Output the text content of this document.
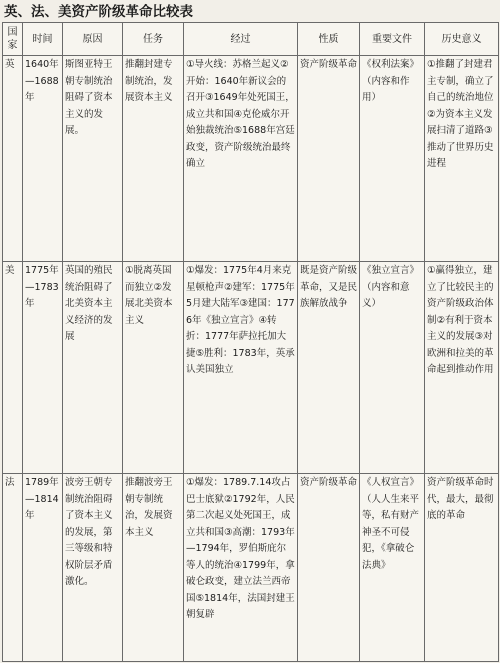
英、法、美资产阶级革命比较表
国家	时间	原因	任务	经过	性质	重要文件	历史意义
英	1640年—1688年	斯图亚特王朝专制统治阻碍了资本主义的发展。	推翻封建专制统治，发展资本主义	①导火线：苏格兰起义②开始：1640年新议会的召开③1649年处死国王，成立共和国④克伦威尔开始独裁统治⑤1688年宫廷政变，资产阶级统治最终确立	资产阶级革命	《权利法案》（内容和作用）	①推翻了封建君主专制，确立了自己的统治地位②为资本主义发展扫清了道路③推动了世界历史进程
美	1775年—1783年	英国的殖民统治阻碍了北美资本主义经济的发展	①脱离英国而独立②发展北美资本主义	①爆发：1775年4月来克星顿枪声②建军：1775年5月建大陆军③建国：1776年《独立宣言》④转折：1777年萨拉托加大捷⑤胜利：1783年，英承认美国独立	既是资产阶级革命，又是民族解放战争	《独立宣言》（内容和意义）	①赢得独立，建立了比较民主的资产阶级政治体制②有利于资本主义的发展③对欧洲和拉美的革命起到推动作用
法	1789年—1814年	波旁王朝专制统治阻碍了资本主义的发展，第三等级和特权阶层矛盾激化。	推翻波旁王朝专制统治，发展资本主义	①爆发：1789.7.14攻占巴士底狱②1792年，人民第二次起义处死国王，成立共和国③高潮：1793年—1794年，罗伯斯庇尔等人的统治④1799年，拿破仑政变，建立法兰西帝国⑤1814年，法国封建王朝复辟	资产阶级革命	《人权宣言》（人人生来平等，私有财产神圣不可侵犯，《拿破仑法典》	资产阶级革命时代，最大，最彻底的革命
